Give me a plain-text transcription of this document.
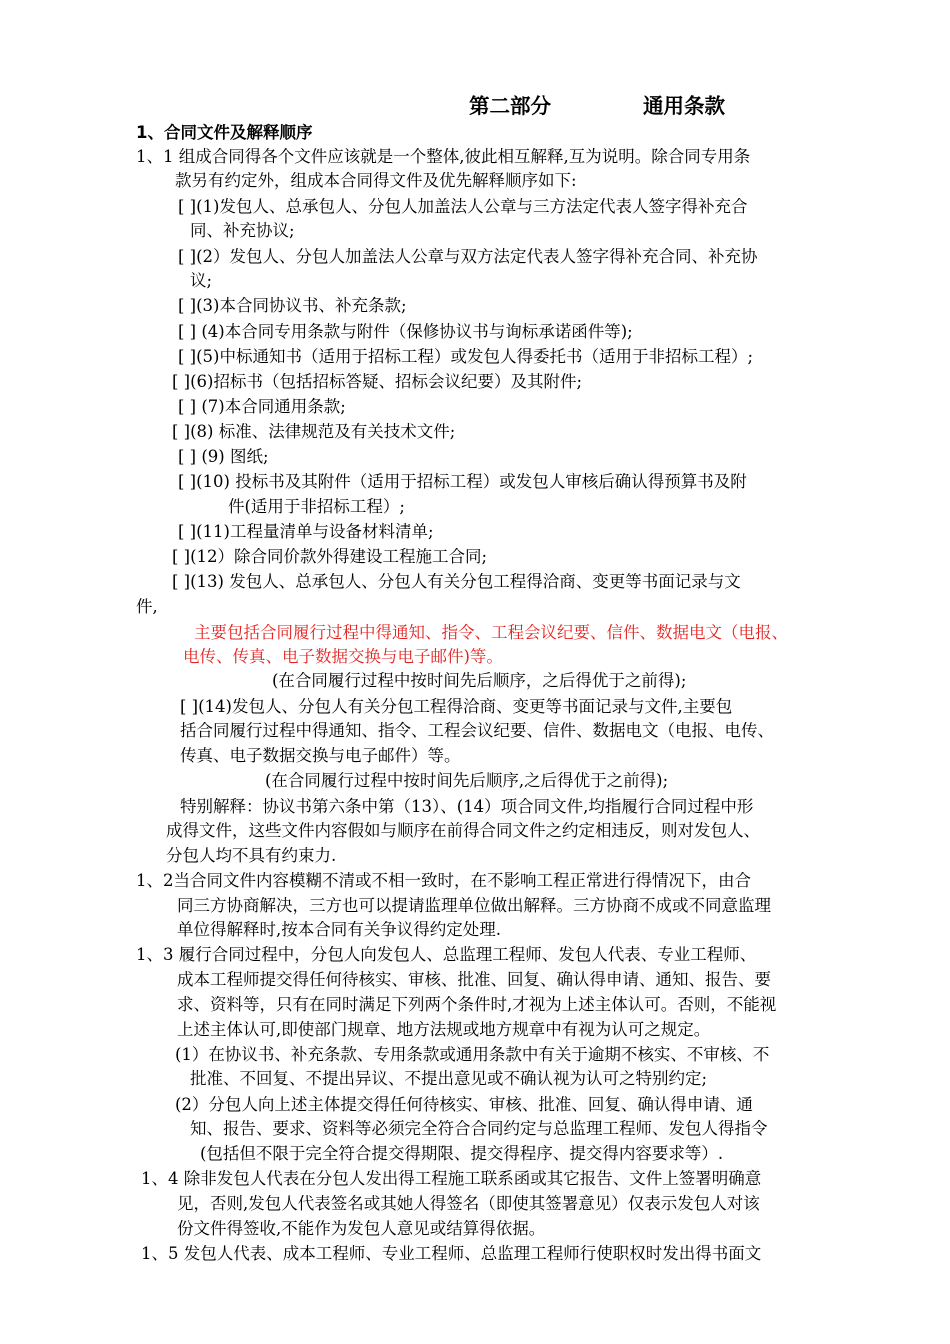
第二部分	通用条款
1、合同文件及解释顺序
1、1 组成合同得各个文件应该就是一个整体,彼此相互解释,互为说明。除合同专用条
款另有约定外，组成本合同得文件及优先解释顺序如下:
[ ](1)发包人、总承包人、分包人加盖法人公章与三方法定代表人签字得补充合
同、补充协议;
[ ](2）发包人、分包人加盖法人公章与双方法定代表人签字得补充合同、补充协
议;
[ ](3)本合同协议书、补充条款;
[ ] (4)本合同专用条款与附件（保修协议书与询标承诺函件等);
[ ](5)中标通知书（适用于招标工程）或发包人得委托书（适用于非招标工程）;
[ ](6)招标书（包括招标答疑、招标会议纪要）及其附件;
[ ] (7)本合同通用条款;
[ ](8) 标准、法律规范及有关技术文件;
[ ] (9) 图纸;
[ ](10) 投标书及其附件（适用于招标工程）或发包人审核后确认得预算书及附
件(适用于非招标工程）;
[ ](11)工程量清单与设备材料清单;
[ ](12）除合同价款外得建设工程施工合同;
[ ](13) 发包人、总承包人、分包人有关分包工程得洽商、变更等书面记录与文
件,
主要包括合同履行过程中得通知、指令、工程会议纪要、信件、数据电文（电报、
电传、传真、电子数据交换与电子邮件)等。
(在合同履行过程中按时间先后顺序，之后得优于之前得);
[ ](14)发包人、分包人有关分包工程得洽商、变更等书面记录与文件,主要包
括合同履行过程中得通知、指令、工程会议纪要、信件、数据电文（电报、电传、
传真、电子数据交换与电子邮件）等。
(在合同履行过程中按时间先后顺序,之后得优于之前得);
特别解释：协议书第六条中第（13）、(14）项合同文件,均指履行合同过程中形
成得文件，这些文件内容假如与顺序在前得合同文件之约定相违反，则对发包人、
分包人均不具有约束力.
1、2当合同文件内容模糊不清或不相一致时，在不影响工程正常进行得情况下，由合
同三方协商解决，三方也可以提请监理单位做出解释。三方协商不成或不同意监理
单位得解释时,按本合同有关争议得约定处理.
1、3 履行合同过程中，分包人向发包人、总监理工程师、发包人代表、专业工程师、
成本工程师提交得任何待核实、审核、批准、回复、确认得申请、通知、报告、要
求、资料等，只有在同时满足下列两个条件时,才视为上述主体认可。否则，不能视
上述主体认可,即使部门规章、地方法规或地方规章中有视为认可之规定。
(1）在协议书、补充条款、专用条款或通用条款中有关于逾期不核实、不审核、不
批准、不回复、不提出异议、不提出意见或不确认视为认可之特别约定;
(2）分包人向上述主体提交得任何待核实、审核、批准、回复、确认得申请、通
知、报告、要求、资料等必须完全符合合同约定与总监理工程师、发包人得指令
(包括但不限于完全符合提交得期限、提交得程序、提交得内容要求等）.
1、4 除非发包人代表在分包人发出得工程施工联系函或其它报告、文件上签署明确意
见，否则,发包人代表签名或其她人得签名（即使其签署意见）仅表示发包人对该
份文件得签收,不能作为发包人意见或结算得依据。
1、5 发包人代表、成本工程师、专业工程师、总监理工程师行使职权时发出得书面文
